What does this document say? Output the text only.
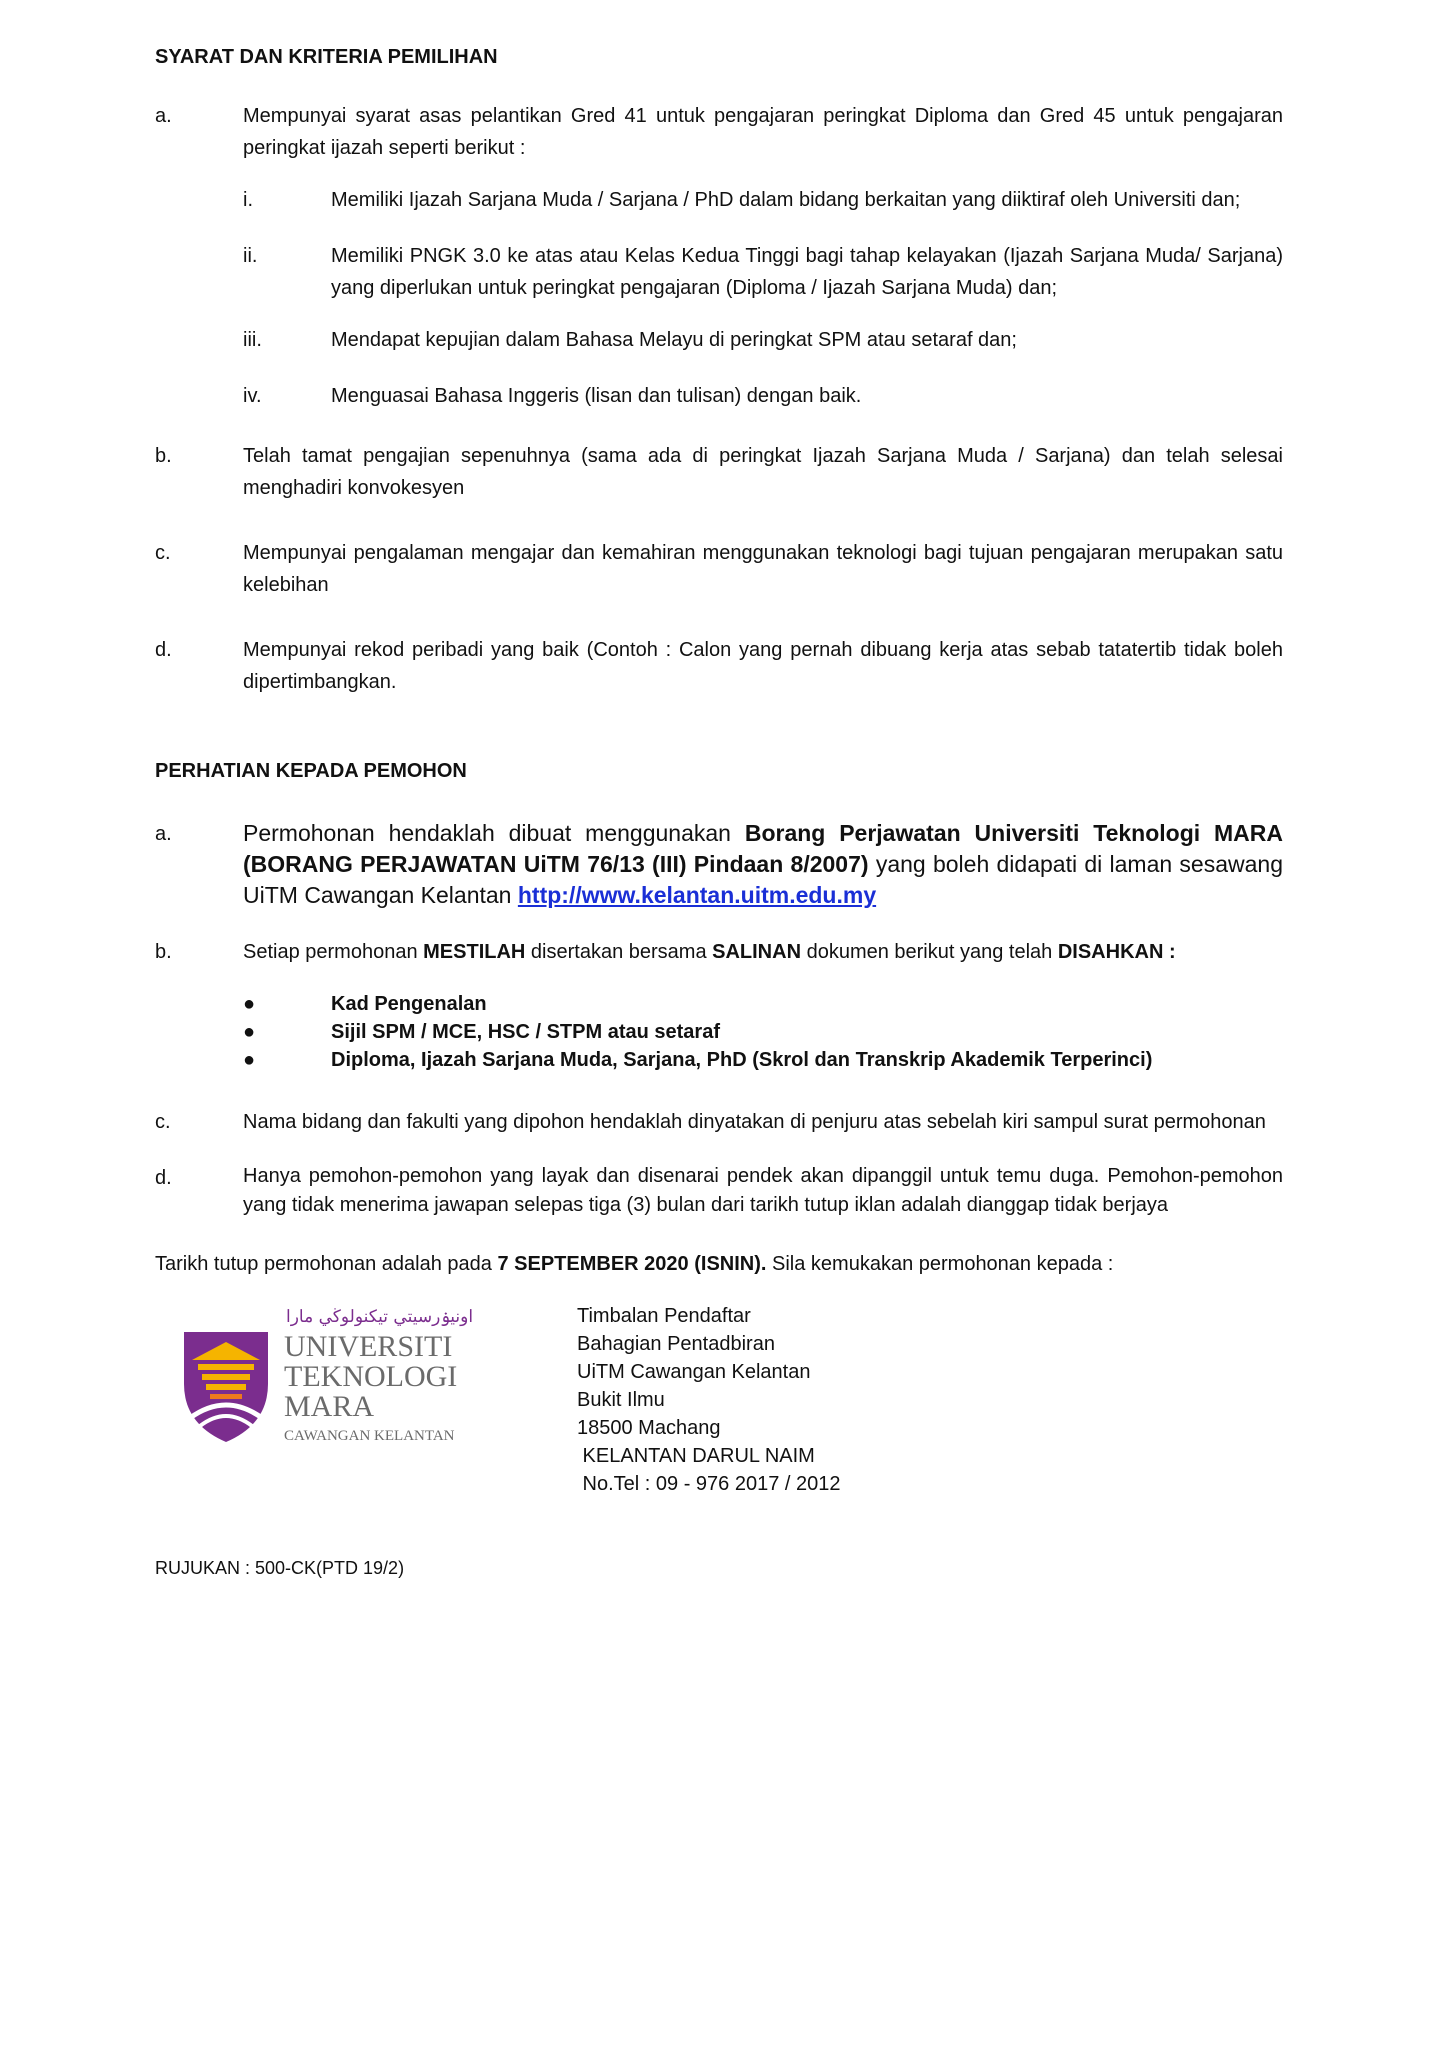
SYARAT DAN KRITERIA PEMILIHAN
a.	Mempunyai syarat asas pelantikan Gred 41 untuk pengajaran peringkat Diploma dan Gred 45 untuk pengajaran peringkat ijazah seperti berikut :
i.	Memiliki Ijazah Sarjana Muda / Sarjana / PhD dalam bidang berkaitan yang diiktiraf oleh Universiti dan;
ii.	Memiliki PNGK 3.0 ke atas atau Kelas Kedua Tinggi bagi tahap kelayakan (Ijazah Sarjana Muda/ Sarjana) yang diperlukan untuk peringkat pengajaran (Diploma / Ijazah Sarjana Muda) dan;
iii.	Mendapat kepujian dalam Bahasa Melayu di peringkat SPM atau setaraf dan;
iv.	Menguasai Bahasa Inggeris (lisan dan tulisan) dengan baik.
b.	Telah tamat pengajian sepenuhnya (sama ada di peringkat Ijazah Sarjana Muda / Sarjana) dan telah selesai menghadiri konvokesyen
c.	Mempunyai pengalaman mengajar dan kemahiran menggunakan teknologi bagi tujuan pengajaran merupakan satu kelebihan
d.	Mempunyai rekod peribadi yang baik (Contoh : Calon yang pernah dibuang kerja atas sebab tatatertib tidak boleh dipertimbangkan.
PERHATIAN KEPADA PEMOHON
a.	Permohonan hendaklah dibuat menggunakan Borang Perjawatan Universiti Teknologi MARA (BORANG PERJAWATAN UiTM 76/13 (III) Pindaan 8/2007) yang boleh didapati di laman sesawang UiTM Cawangan Kelantan http://www.kelantan.uitm.edu.my
b.	Setiap permohonan MESTILAH disertakan bersama SALINAN dokumen berikut yang telah DISAHKAN :
●	Kad Pengenalan
●	Sijil SPM / MCE, HSC / STPM atau setaraf
●	Diploma, Ijazah Sarjana Muda, Sarjana, PhD (Skrol dan Transkrip Akademik Terperinci)
c.	Nama bidang dan fakulti yang dipohon hendaklah dinyatakan di penjuru atas sebelah kiri sampul surat permohonan
d.	Hanya pemohon-pemohon yang layak dan disenarai pendek akan dipanggil untuk temu duga. Pemohon-pemohon yang tidak menerima jawapan selepas tiga (3) bulan dari tarikh tutup iklan adalah dianggap tidak berjaya
Tarikh tutup permohonan adalah pada 7 SEPTEMBER 2020 (ISNIN). Sila kemukakan permohonan kepada :
اونيۏرسيتي تيكنولوڬي مارا
UNIVERSITI
TEKNOLOGI
MARA
CAWANGAN KELANTAN
Timbalan Pendaftar
Bahagian Pentadbiran
UiTM Cawangan Kelantan
Bukit Ilmu
18500 Machang
KELANTAN DARUL NAIM
No.Tel : 09 - 976 2017 / 2012
RUJUKAN : 500-CK(PTD 19/2)
